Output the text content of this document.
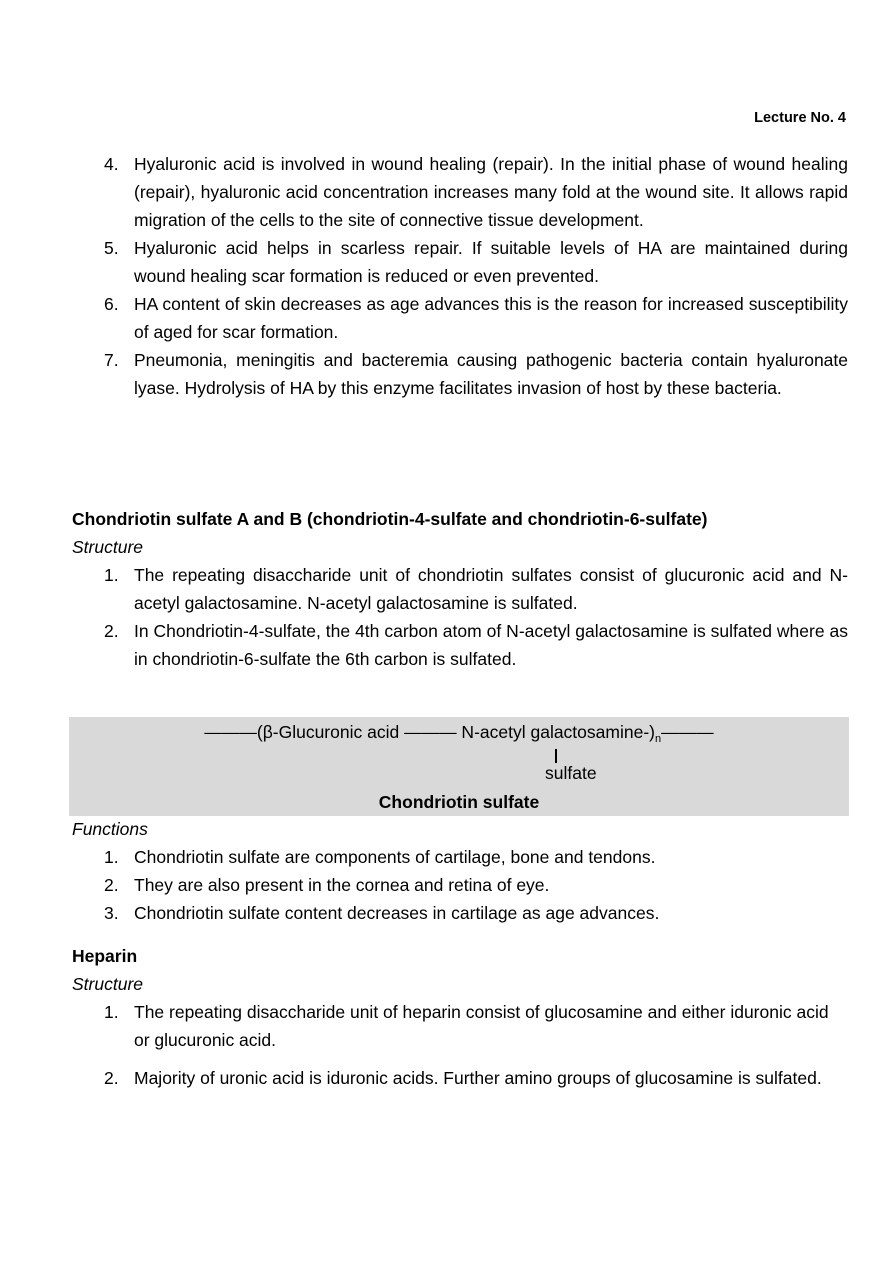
Lecture No. 4
4. Hyaluronic acid is involved in wound healing (repair). In the initial phase of wound healing (repair), hyaluronic acid concentration increases many fold at the wound site. It allows rapid migration of the cells to the site of connective tissue development.
5. Hyaluronic acid helps in scarless repair. If suitable levels of HA are maintained during wound healing scar formation is reduced or even prevented.
6. HA content of skin decreases as age advances this is the reason for increased susceptibility of aged for scar formation.
7. Pneumonia, meningitis and bacteremia causing pathogenic bacteria contain hyaluronate lyase. Hydrolysis of HA by this enzyme facilitates invasion of host by these bacteria.
Chondriotin sulfate A and B (chondriotin-4-sulfate and chondriotin-6-sulfate)
Structure
1. The repeating disaccharide unit of chondriotin sulfates consist of glucuronic acid and N-acetyl galactosamine. N-acetyl galactosamine is sulfated.
2. In Chondriotin-4-sulfate, the 4th carbon atom of N-acetyl galactosamine is sulfated where as in chondriotin-6-sulfate the 6th carbon is sulfated.
———(β-Glucuronic acid ——— N-acetyl galactosamine-)$_n———$
sulfate
Chondriotin sulfate
Functions
1. Chondriotin sulfate are components of cartilage, bone and tendons.
2. They are also present in the cornea and retina of eye.
3. Chondriotin sulfate content decreases in cartilage as age advances.
Heparin
Structure
1. The repeating disaccharide unit of heparin consist of glucosamine and either iduronic acid or glucuronic acid.
2. Majority of uronic acid is iduronic acids. Further amino groups of glucosamine is sulfated.
